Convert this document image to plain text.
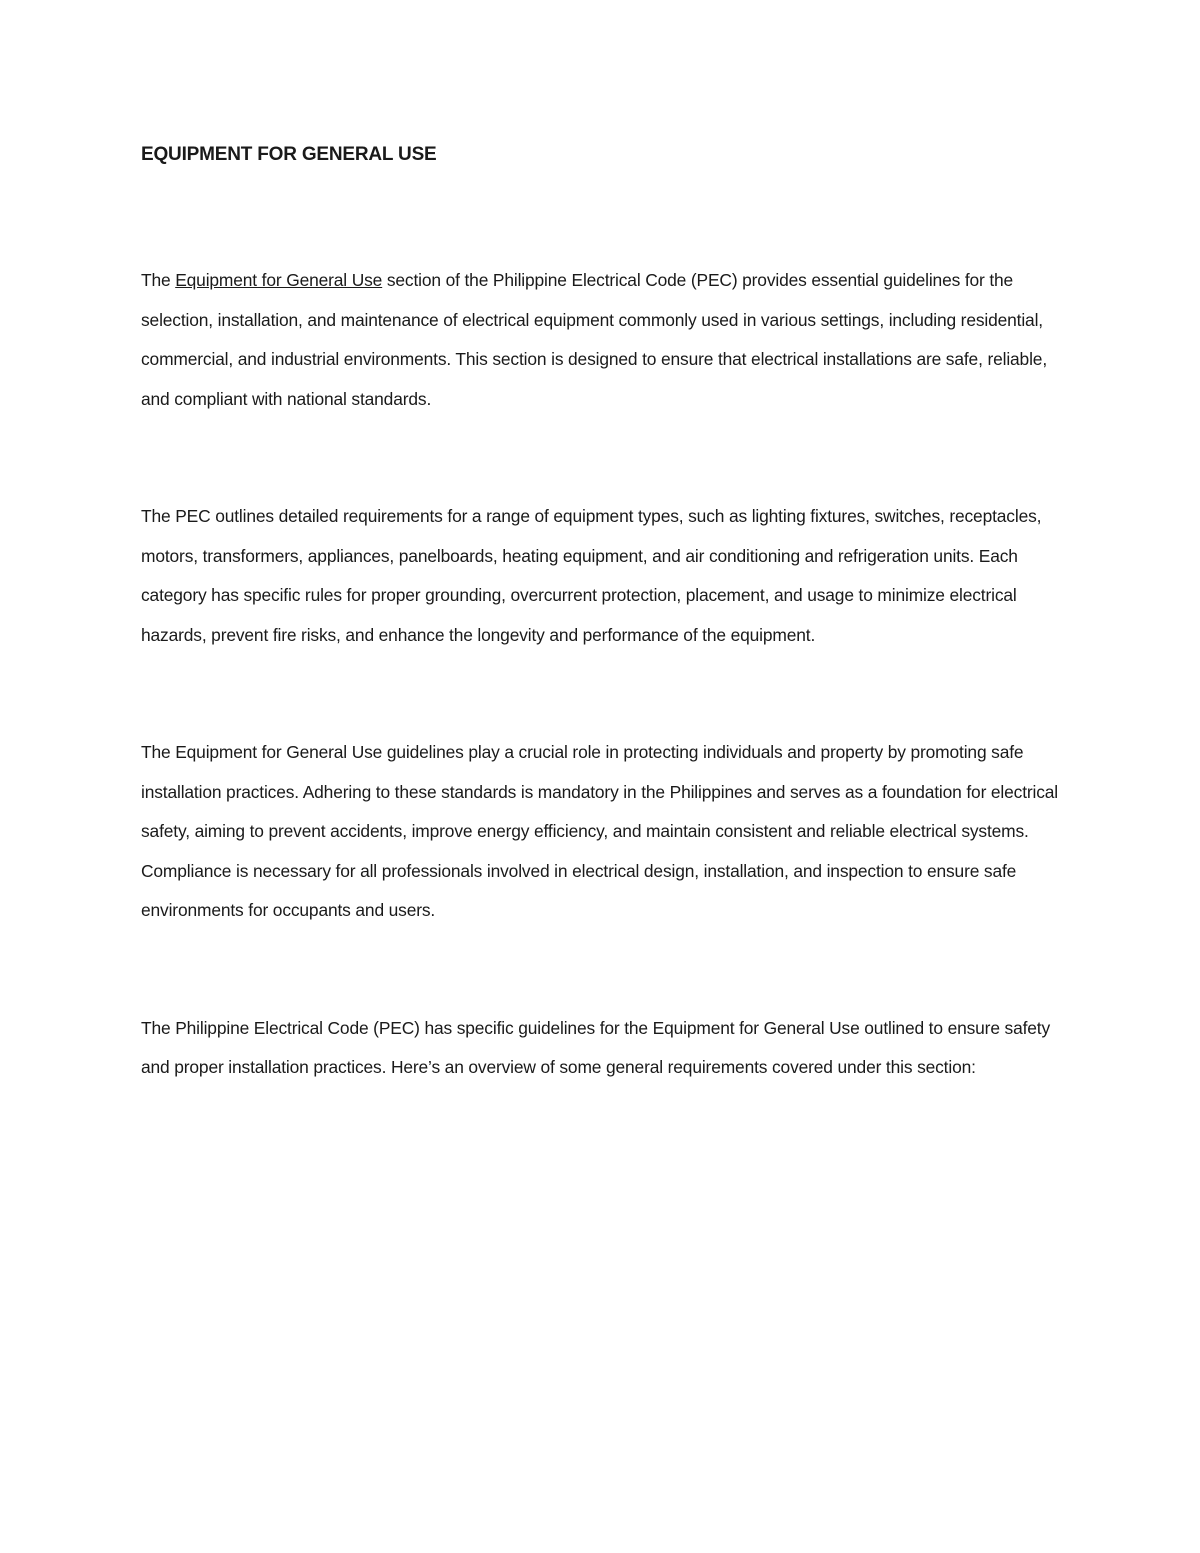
EQUIPMENT FOR GENERAL USE

The Equipment for General Use section of the Philippine Electrical Code (PEC) provides essential guidelines for the selection, installation, and maintenance of electrical equipment commonly used in various settings, including residential, commercial, and industrial environments. This section is designed to ensure that electrical installations are safe, reliable, and compliant with national standards.

The PEC outlines detailed requirements for a range of equipment types, such as lighting fixtures, switches, receptacles, motors, transformers, appliances, panelboards, heating equipment, and air conditioning and refrigeration units. Each category has specific rules for proper grounding, overcurrent protection, placement, and usage to minimize electrical hazards, prevent fire risks, and enhance the longevity and performance of the equipment.

The Equipment for General Use guidelines play a crucial role in protecting individuals and property by promoting safe installation practices. Adhering to these standards is mandatory in the Philippines and serves as a foundation for electrical safety, aiming to prevent accidents, improve energy efficiency, and maintain consistent and reliable electrical systems. Compliance is necessary for all professionals involved in electrical design, installation, and inspection to ensure safe environments for occupants and users.

The Philippine Electrical Code (PEC) has specific guidelines for the Equipment for General Use outlined to ensure safety and proper installation practices. Here’s an overview of some general requirements covered under this section:
